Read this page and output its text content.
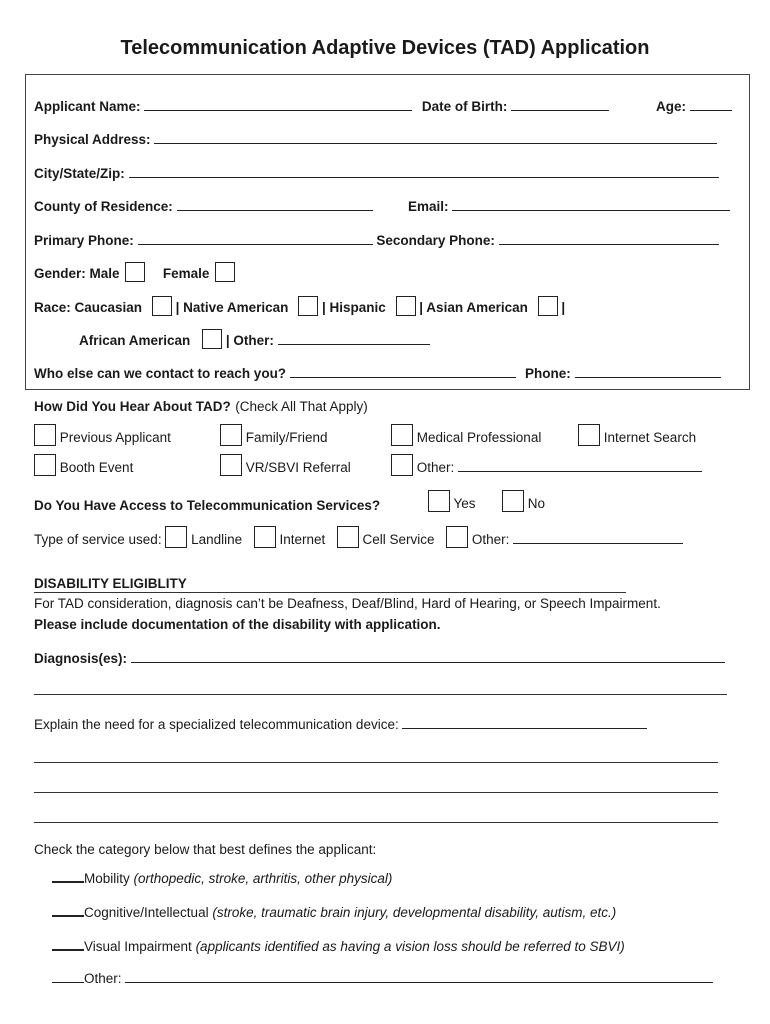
Telecommunication Adaptive Devices (TAD) Application
Applicant Name:	Date of Birth:	Age:
Physical Address:
City/State/Zip:
County of Residence:	Email:
Primary Phone:	Secondary Phone:
Gender: Male	Female
Race: Caucasian | Native American | Hispanic | Asian American |
African American	| Other:
Who else can we contact to reach you?	Phone:
How Did You Hear About TAD? (Check All That Apply)
Previous Applicant	Family/Friend	Medical Professional	Internet Search
Booth Event	VR/SBVI Referral	Other:
Do You Have Access to Telecommunication Services?	Yes	No
Type of service used: Landline	Internet	Cell Service	Other:
DISABILITY ELIGIBLITY
For TAD consideration, diagnosis can’t be Deafness, Deaf/Blind, Hard of Hearing, or Speech Impairment.
Please include documentation of the disability with application.
Diagnosis(es):
Explain the need for a specialized telecommunication device:
Check the category below that best defines the applicant:
Mobility (orthopedic, stroke, arthritis, other physical)
Cognitive/Intellectual (stroke, traumatic brain injury, developmental disability, autism, etc.)
Visual Impairment (applicants identified as having a vision loss should be referred to SBVI)
Other:
